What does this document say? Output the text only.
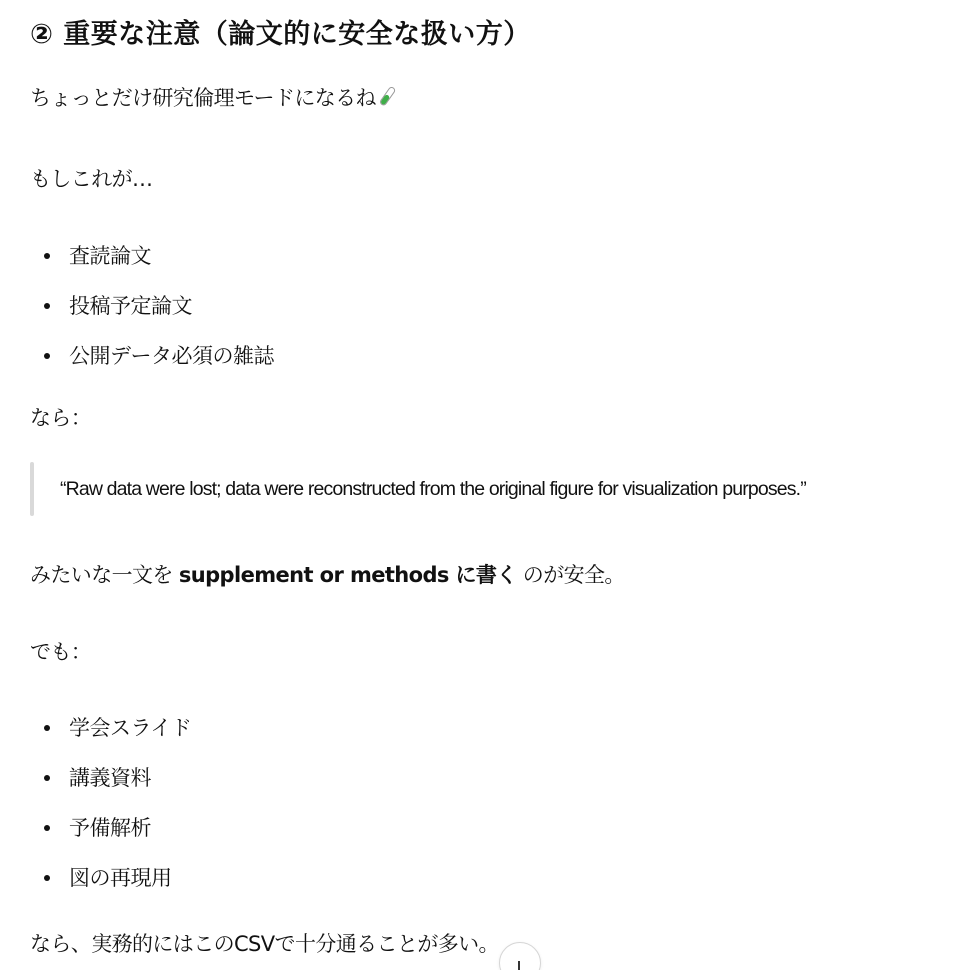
② 重要な注意（論文的に安全な扱い方）
ちょっとだけ研究倫理モードになるね
もしこれが…
査読論文
投稿予定論文
公開データ必須の雑誌
なら：
“Raw data were lost; data were reconstructed from the original figure for visualization purposes.”
みたいな一文を supplement or methods に書く のが安全。
でも：
学会スライド
講義資料
予備解析
図の再現用
なら、実務的にはこのCSVで十分通ることが多い。
